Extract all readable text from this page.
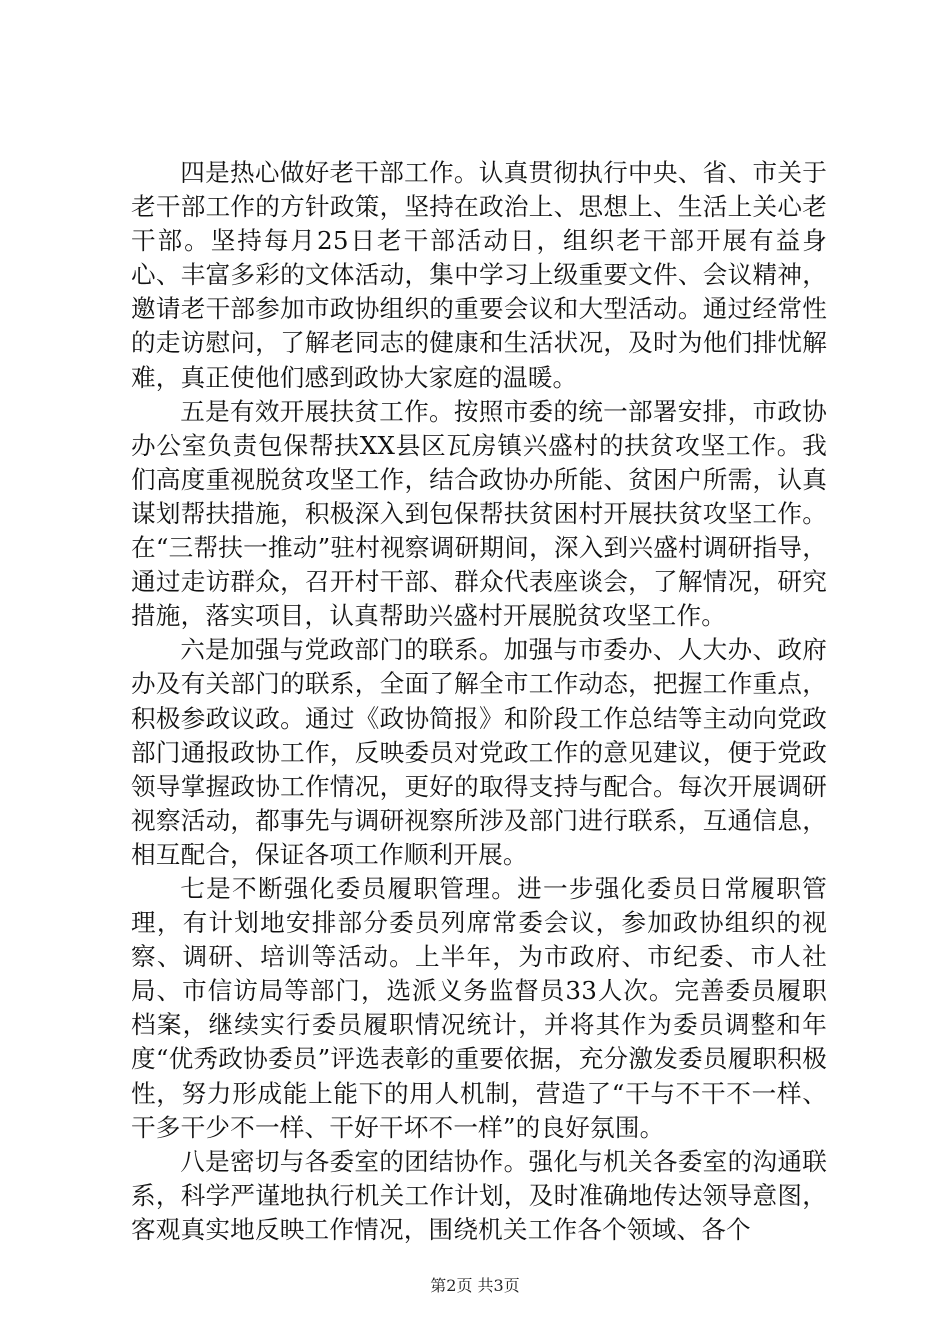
四是热心做好老干部工作。认真贯彻执行中央、省、市关于老干部工作的方针政策，坚持在政治上、思想上、生活上关心老干部。坚持每月25日老干部活动日，组织老干部开展有益身心、丰富多彩的文体活动，集中学习上级重要文件、会议精神，邀请老干部参加市政协组织的重要会议和大型活动。通过经常性的走访慰问，了解老同志的健康和生活状况，及时为他们排忧解难，真正使他们感到政协大家庭的温暖。

五是有效开展扶贫工作。按照市委的统一部署安排，市政协办公室负责包保帮扶XX县区瓦房镇兴盛村的扶贫攻坚工作。我们高度重视脱贫攻坚工作，结合政协办所能、贫困户所需，认真谋划帮扶措施，积极深入到包保帮扶贫困村开展扶贫攻坚工作。在“三帮扶一推动”驻村视察调研期间，深入到兴盛村调研指导，通过走访群众，召开村干部、群众代表座谈会，了解情况，研究措施，落实项目，认真帮助兴盛村开展脱贫攻坚工作。

六是加强与党政部门的联系。加强与市委办、人大办、政府办及有关部门的联系，全面了解全市工作动态，把握工作重点，积极参政议政。通过《政协简报》和阶段工作总结等主动向党政部门通报政协工作，反映委员对党政工作的意见建议，便于党政领导掌握政协工作情况，更好的取得支持与配合。每次开展调研视察活动，都事先与调研视察所涉及部门进行联系，互通信息，相互配合，保证各项工作顺利开展。

七是不断强化委员履职管理。进一步强化委员日常履职管理，有计划地安排部分委员列席常委会议，参加政协组织的视察、调研、培训等活动。上半年，为市政府、市纪委、市人社局、市信访局等部门，选派义务监督员33人次。完善委员履职档案，继续实行委员履职情况统计，并将其作为委员调整和年度“优秀政协委员”评选表彰的重要依据，充分激发委员履职积极性，努力形成能上能下的用人机制，营造了“干与不干不一样、干多干少不一样、干好干坏不一样”的良好氛围。

八是密切与各委室的团结协作。强化与机关各委室的沟通联系，科学严谨地执行机关工作计划，及时准确地传达领导意图，客观真实地反映工作情况，围绕机关工作各个领域、各个

第2页 共3页
